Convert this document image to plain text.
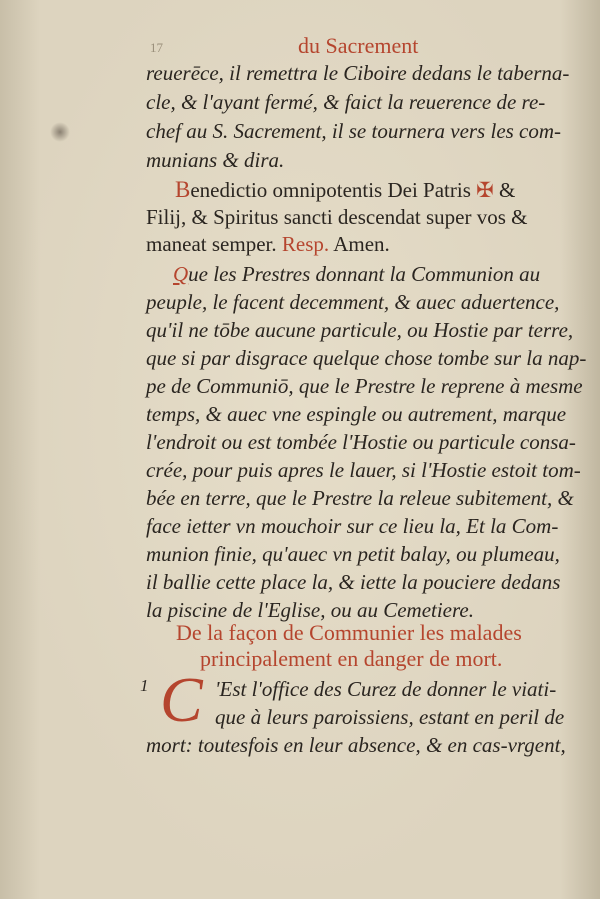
17	du Sacrement
reuerēce, il remettra le Ciboire dedans le taberna-
cle, & l'ayant fermé, & faict la reuerence de re-
chef au S. Sacrement, il se tournera vers les com-
munians & dira.
Benedictio omnipotentis Dei Patris ✠ &
Filij, & Spiritus sancti descendat super vos &
maneat semper. Resp. Amen.
Que les Prestres donnant la Communion au
peuple, le facent decemment, & auec aduertence,
qu'il ne tōbe aucune particule, ou Hostie par terre,
que si par disgrace quelque chose tombe sur la nap-
pe de Communiō, que le Prestre le reprene à mesme
temps, & auec vne espingle ou autrement, marque
l'endroit ou est tombée l'Hostie ou particule consa-
crée, pour puis apres le lauer, si l'Hostie estoit tom-
bée en terre, que le Prestre la releue subitement, &
face ietter vn mouchoir sur ce lieu la, Et la Com-
munion finie, qu'auec vn petit balay, ou plumeau,
il ballie cette place la, & iette la pouciere dedans
la piscine de l'Eglise, ou au Cemetiere.
De la façon de Communier les malades
principalement en danger de mort.
1 C 'Est l'office des Curez de donner le viati-
que à leurs paroissiens, estant en peril de
mort: toutesfois en leur absence, & en cas-vrgent,
